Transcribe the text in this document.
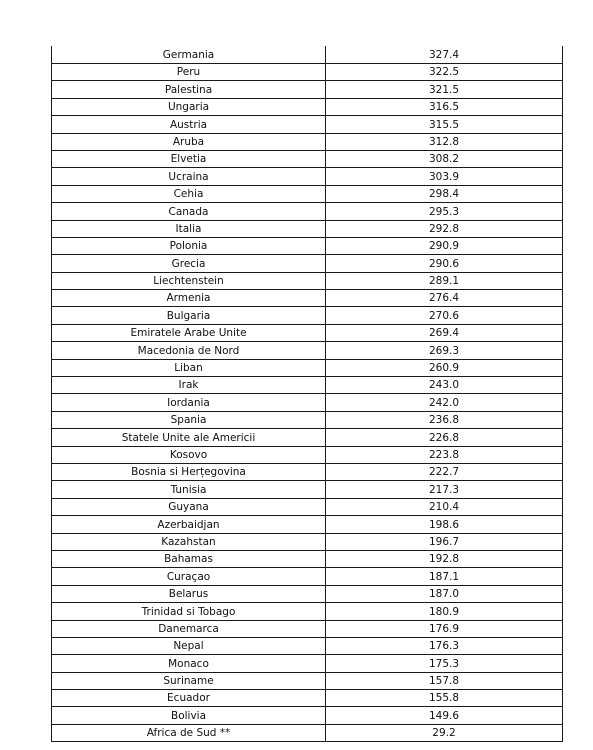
Germania	327.4
Peru	322.5
Palestina	321.5
Ungaria	316.5
Austria	315.5
Aruba	312.8
Elvetia	308.2
Ucraina	303.9
Cehia	298.4
Canada	295.3
Italia	292.8
Polonia	290.9
Grecia	290.6
Liechtenstein	289.1
Armenia	276.4
Bulgaria	270.6
Emiratele Arabe Unite	269.4
Macedonia de Nord	269.3
Liban	260.9
Irak	243.0
Iordania	242.0
Spania	236.8
Statele Unite ale Americii	226.8
Kosovo	223.8
Bosnia si Herțegovina	222.7
Tunisia	217.3
Guyana	210.4
Azerbaidjan	198.6
Kazahstan	196.7
Bahamas	192.8
Curaçao	187.1
Belarus	187.0
Trinidad si Tobago	180.9
Danemarca	176.9
Nepal	176.3
Monaco	175.3
Suriname	157.8
Ecuador	155.8
Bolivia	149.6
Africa de Sud **	29.2
